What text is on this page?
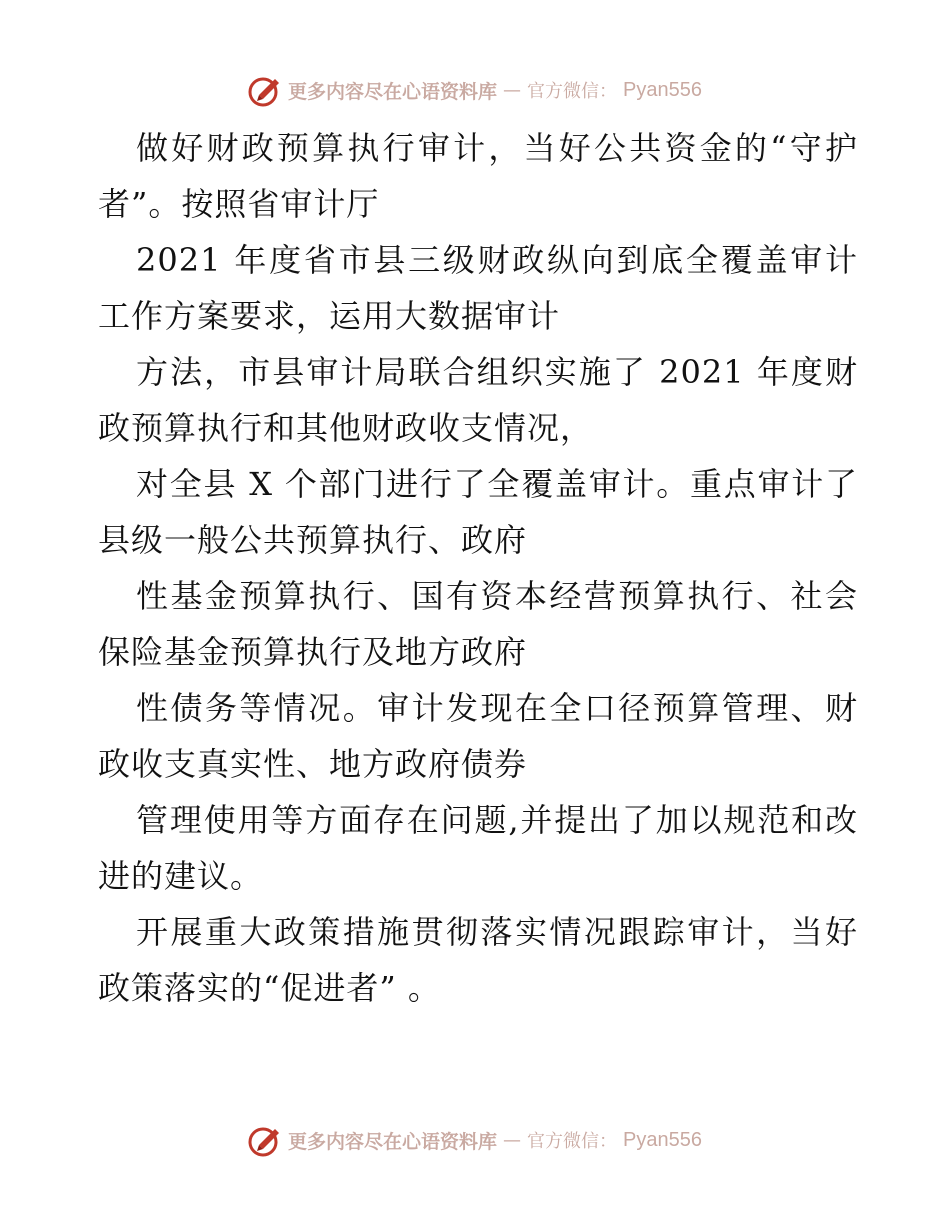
更多内容尽在心语资料库 — 官方微信： Pyan556

做好财政预算执行审计，当好公共资金的“守护者”。按照省审计厅

2021 年度省市县三级财政纵向到底全覆盖审计工作方案要求，运用大数据审计

方法，市县审计局联合组织实施了 2021 年度财政预算执行和其他财政收支情况，

对全县 X 个部门进行了全覆盖审计。重点审计了县级一般公共预算执行、政府

性基金预算执行、国有资本经营预算执行、社会保险基金预算执行及地方政府

性债务等情况。审计发现在全口径预算管理、财政收支真实性、地方政府债券

管理使用等方面存在问题,并提出了加以规范和改进的建议。

开展重大政策措施贯彻落实情况跟踪审计，当好政策落实的“促进者” 。

更多内容尽在心语资料库 — 官方微信： Pyan556
